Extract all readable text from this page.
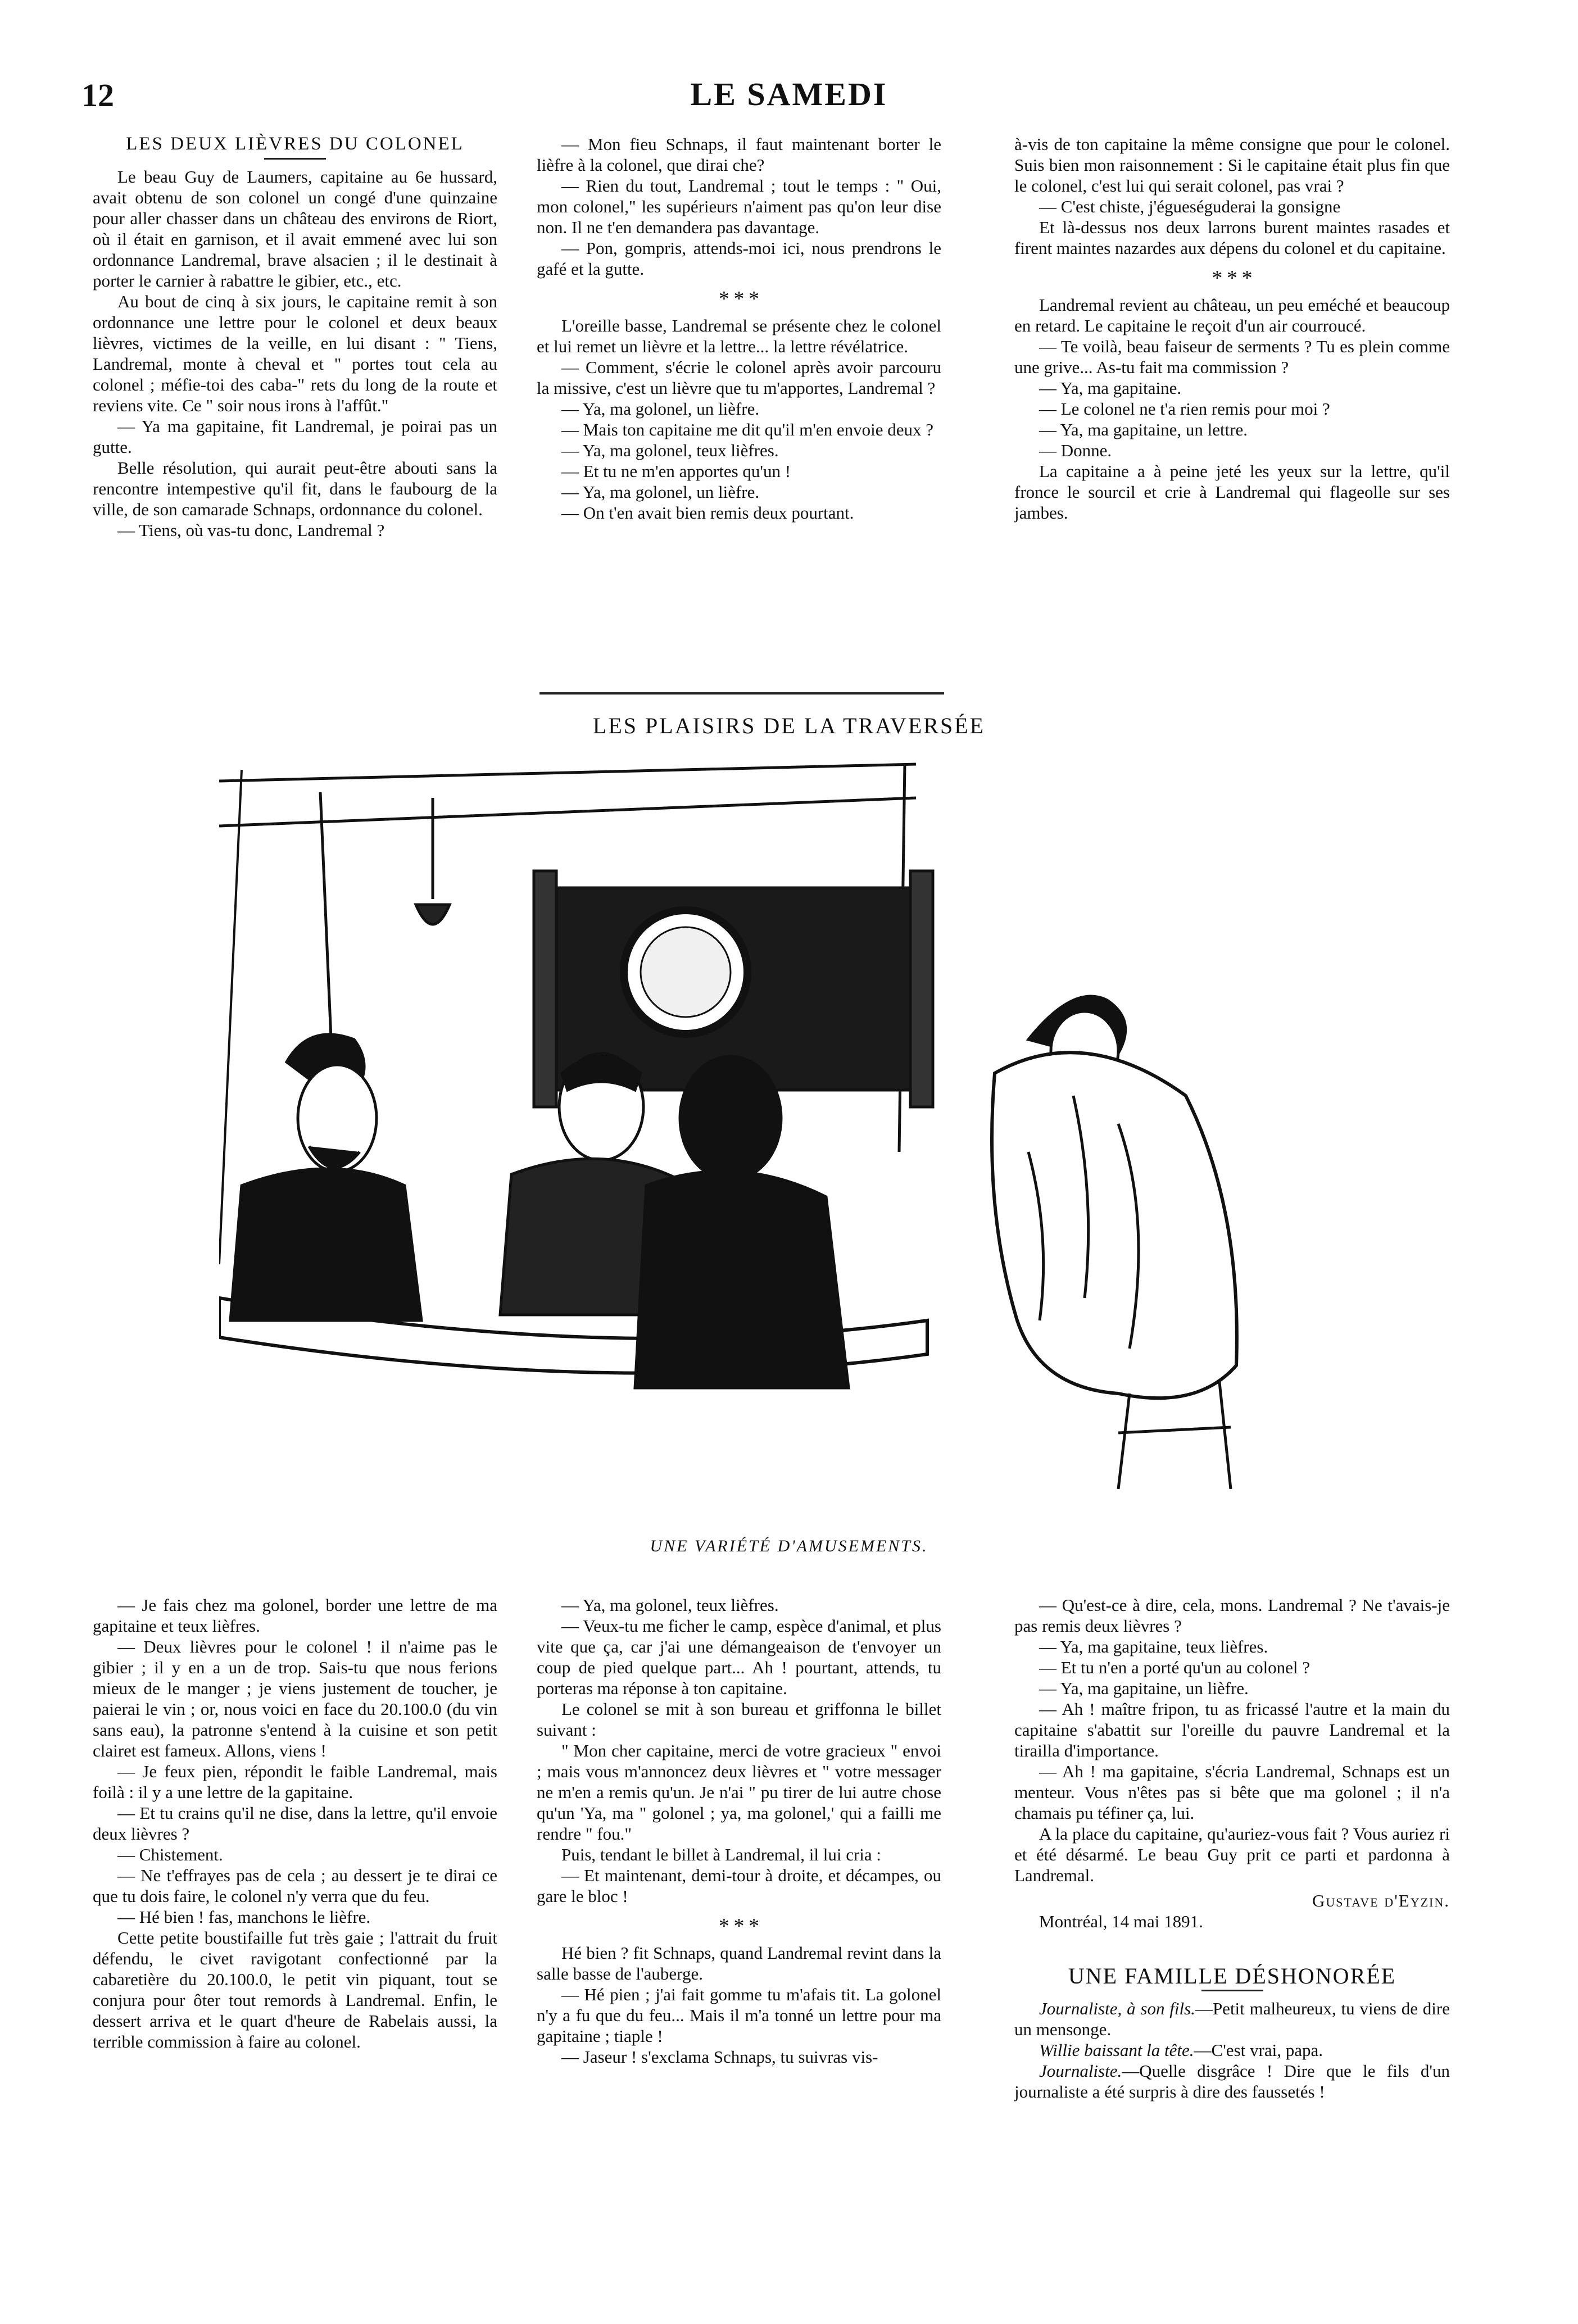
12	LE SAMEDI
LES DEUX LIÈVRES DU COLONEL

Le beau Guy de Laumers, capitaine au 6e hussard, avait obtenu de son colonel un congé d'une quinzaine pour aller chasser dans un château des environs de Riort, où il était en garnison, et il avait emmené avec lui son ordonnance Landremal, brave alsacien ; il le destinait à porter le carnier à rabattre le gibier, etc., etc.

Au bout de cinq à six jours, le capitaine remit à son ordonnance une lettre pour le colonel et deux beaux lièvres, victimes de la veille, en lui disant : " Tiens, Landremal, monte à cheval et " portes tout cela au colonel ; méfie-toi des caba-" rets du long de la route et reviens vite. Ce " soir nous irons à l'affût."

— Ya ma gapitaine, fit Landremal, je poirai pas un gutte.

Belle résolution, qui aurait peut-être abouti sans la rencontre intempestive qu'il fit, dans le faubourg de la ville, de son camarade Schnaps, ordonnance du colonel.

— Tiens, où vas-tu donc, Landremal ?

— Mon fieu Schnaps, il faut maintenant borter le lièfre à la colonel, que dirai che?

— Rien du tout, Landremal ; tout le temps : " Oui, mon colonel," les supérieurs n'aiment pas qu'on leur dise non. Il ne t'en demandera pas davantage.

— Pon, gompris, attends-moi ici, nous prendrons le gafé et la gutte.

* * *

L'oreille basse, Landremal se présente chez le colonel et lui remet un lièvre et la lettre... la lettre révélatrice.

— Comment, s'écrie le colonel après avoir parcouru la missive, c'est un lièvre que tu m'apportes, Landremal ?

— Ya, ma golonel, un lièfre.

— Mais ton capitaine me dit qu'il m'en envoie deux ?

— Ya, ma golonel, teux lièfres.

— Et tu ne m'en apportes qu'un !

— Ya, ma golonel, un lièfre.

— On t'en avait bien remis deux pourtant.

à-vis de ton capitaine la même consigne que pour le colonel. Suis bien mon raisonnement : Si le capitaine était plus fin que le colonel, c'est lui qui serait colonel, pas vrai ?

— C'est chiste, j'égueséguderai la gonsigne

Et là-dessus nos deux larrons burent maintes rasades et firent maintes nazardes aux dépens du colonel et du capitaine.

* * *

Landremal revient au château, un peu eméché et beaucoup en retard. Le capitaine le reçoit d'un air courroucé.

— Te voilà, beau faiseur de serments ? Tu es plein comme une grive... As-tu fait ma commission ?

— Ya, ma gapitaine.

— Le colonel ne t'a rien remis pour moi ?

— Ya, ma gapitaine, un lettre.

— Donne.

La capitaine a à peine jeté les yeux sur la lettre, qu'il fronce le sourcil et crie à Landremal qui flageolle sur ses jambes.

LES PLAISIRS DE LA TRAVERSÉE
UNE VARIÉTÉ D'AMUSEMENTS.

— Je fais chez ma golonel, border une lettre de ma gapitaine et teux lièfres.

— Deux lièvres pour le colonel ! il n'aime pas le gibier ; il y en a un de trop. Sais-tu que nous ferions mieux de le manger ; je viens justement de toucher, je paierai le vin ; or, nous voici en face du 20.100.0 (du vin sans eau), la patronne s'entend à la cuisine et son petit clairet est fameux. Allons, viens !

— Je feux pien, répondit le faible Landremal, mais foilà : il y a une lettre de la gapitaine.

— Et tu crains qu'il ne dise, dans la lettre, qu'il envoie deux lièvres ?

— Chistement.

— Ne t'effrayes pas de cela ; au dessert je te dirai ce que tu dois faire, le colonel n'y verra que du feu.

— Hé bien ! fas, manchons le lièfre.

Cette petite boustifaille fut très gaie ; l'attrait du fruit défendu, le civet ravigotant confectionné par la cabaretière du 20.100.0, le petit vin piquant, tout se conjura pour ôter tout remords à Landremal. Enfin, le dessert arriva et le quart d'heure de Rabelais aussi, la terrible commission à faire au colonel.

— Ya, ma golonel, teux lièfres.

— Veux-tu me ficher le camp, espèce d'animal, et plus vite que ça, car j'ai une démangeaison de t'envoyer un coup de pied quelque part... Ah ! pourtant, attends, tu porteras ma réponse à ton capitaine.

Le colonel se mit à son bureau et griffonna le billet suivant :

" Mon cher capitaine, merci de votre gracieux " envoi ; mais vous m'annoncez deux lièvres et " votre messager ne m'en a remis qu'un. Je n'ai " pu tirer de lui autre chose qu'un 'Ya, ma " golonel ; ya, ma golonel,' qui a failli me rendre " fou."

Puis, tendant le billet à Landremal, il lui cria :

— Et maintenant, demi-tour à droite, et décampes, ou gare le bloc !

* * *

Hé bien ? fit Schnaps, quand Landremal revint dans la salle basse de l'auberge.

— Hé pien ; j'ai fait gomme tu m'afais tit. La golonel n'y a fu que du feu... Mais il m'a tonné un lettre pour ma gapitaine ; tiaple !

— Jaseur ! s'exclama Schnaps, tu suivras vis-

— Qu'est-ce à dire, cela, mons. Landremal ? Ne t'avais-je pas remis deux lièvres ?

— Ya, ma gapitaine, teux lièfres.

— Et tu n'en a porté qu'un au colonel ?

— Ya, ma gapitaine, un lièfre.

— Ah ! maître fripon, tu as fricassé l'autre et la main du capitaine s'abattit sur l'oreille du pauvre Landremal et la tirailla d'importance.

— Ah ! ma gapitaine, s'écria Landremal, Schnaps est un menteur. Vous n'êtes pas si bête que ma golonel ; il n'a chamais pu téfiner ça, lui.

A la place du capitaine, qu'auriez-vous fait ? Vous auriez ri et été désarmé. Le beau Guy prit ce parti et pardonna à Landremal.

Gustave d'Eyzin.

Montréal, 14 mai 1891.

UNE FAMILLE DÉSHONORÉE

Journaliste, à son fils.—Petit malheureux, tu viens de dire un mensonge.

Willie baissant la tête.—C'est vrai, papa.

Journaliste.—Quelle disgrâce ! Dire que le fils d'un journaliste a été surpris à dire des faussetés !
